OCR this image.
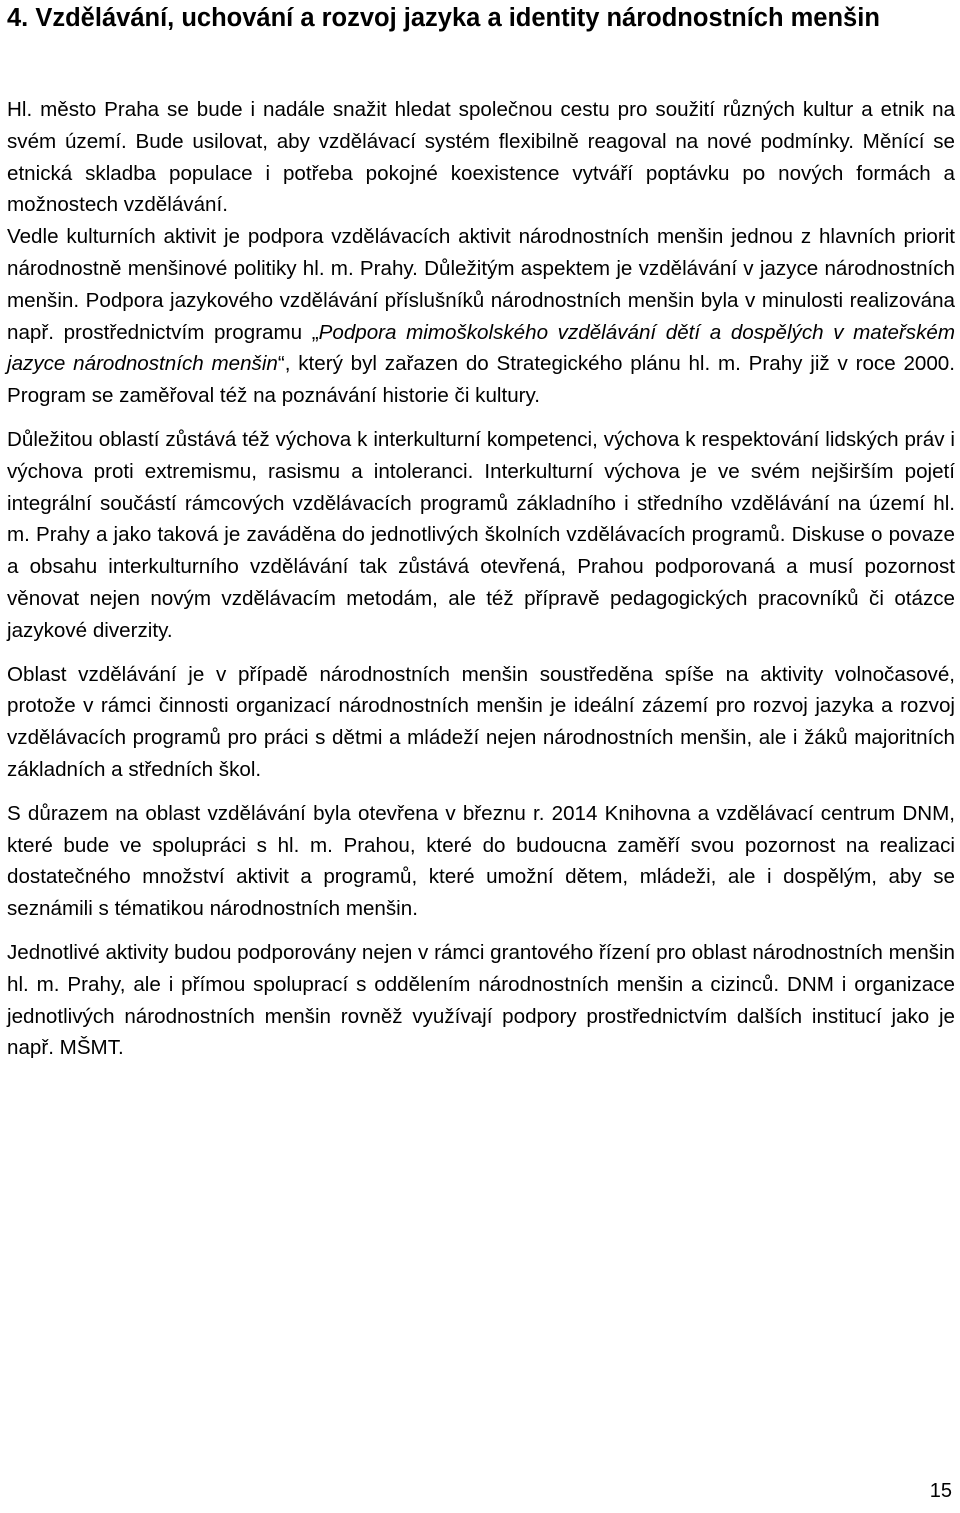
4. Vzdělávání, uchování a rozvoj jazyka a identity národnostních menšin

Hl. město Praha se bude i nadále snažit hledat společnou cestu pro soužití různých kultur a etnik na svém území. Bude usilovat, aby vzdělávací systém flexibilně reagoval na nové podmínky. Měnící se etnická skladba populace i potřeba pokojné koexistence vytváří poptávku po nových formách a možnostech vzdělávání.

Vedle kulturních aktivit je podpora vzdělávacích aktivit národnostních menšin jednou z hlavních priorit národnostně menšinové politiky hl. m. Prahy. Důležitým aspektem je vzdělávání v jazyce národnostních menšin. Podpora jazykového vzdělávání příslušníků národnostních menšin byla v minulosti realizována např. prostřednictvím programu „Podpora mimoškolského vzdělávání dětí a dospělých v mateřském jazyce národnostních menšin“, který byl zařazen do Strategického plánu hl. m. Prahy již v roce 2000. Program se zaměřoval též na poznávání historie či kultury.

Důležitou oblastí zůstává též výchova k interkulturní kompetenci, výchova k respektování lidských práv i výchova proti extremismu, rasismu a intoleranci. Interkulturní výchova je ve svém nejširším pojetí integrální součástí rámcových vzdělávacích programů základního i středního vzdělávání na území hl. m. Prahy a jako taková je zaváděna do jednotlivých školních vzdělávacích programů. Diskuse o povaze a obsahu interkulturního vzdělávání tak zůstává otevřená, Prahou podporovaná a musí pozornost věnovat nejen novým vzdělávacím metodám, ale též přípravě pedagogických pracovníků či otázce jazykové diverzity.

Oblast vzdělávání je v případě národnostních menšin soustředěna spíše na aktivity volnočasové, protože v rámci činnosti organizací národnostních menšin je ideální zázemí pro rozvoj jazyka a rozvoj vzdělávacích programů pro práci s dětmi a mládeží nejen národnostních menšin, ale i žáků majoritních základních a středních škol.

S důrazem na oblast vzdělávání byla otevřena v březnu r. 2014 Knihovna a vzdělávací centrum DNM, které bude ve spolupráci s hl. m. Prahou, které do budoucna zaměří svou pozornost na realizaci dostatečného množství aktivit a programů, které umožní dětem, mládeži, ale i dospělým, aby se seznámili s tématikou národnostních menšin.

Jednotlivé aktivity budou podporovány nejen v rámci grantového řízení pro oblast národnostních menšin hl. m. Prahy, ale i přímou spoluprací s oddělením národnostních menšin a cizinců. DNM i organizace jednotlivých národnostních menšin rovněž využívají podpory prostřednictvím dalších institucí jako je např. MŠMT.

15
